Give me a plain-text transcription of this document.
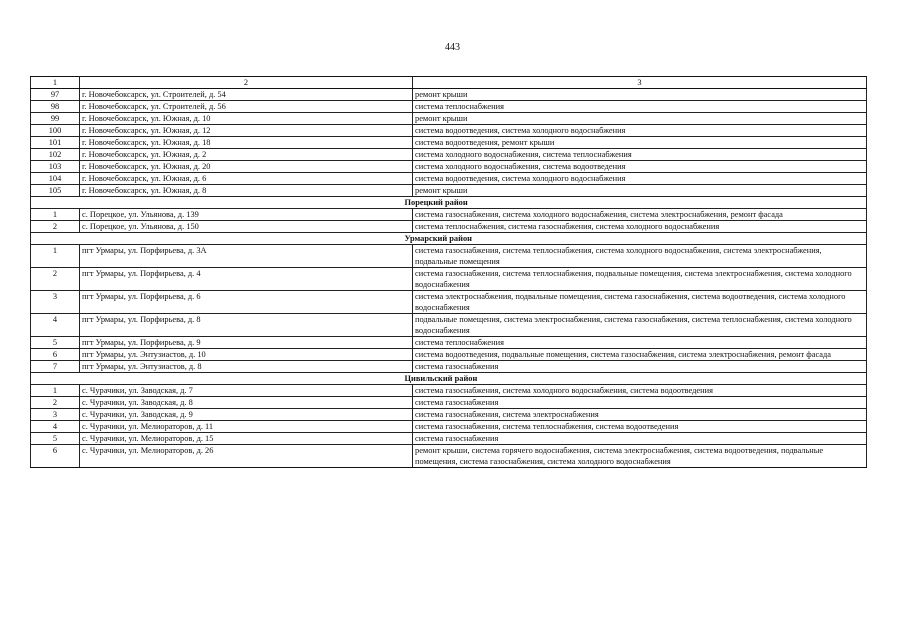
443
1	2	3
97	г. Новочебоксарск, ул. Строителей, д. 54	ремонт крыши
98	г. Новочебоксарск, ул. Строителей, д. 56	система теплоснабжения
99	г. Новочебоксарск, ул. Южная, д. 10	ремонт крыши
100	г. Новочебоксарск, ул. Южная, д. 12	система водоотведения, система холодного водоснабжения
101	г. Новочебоксарск, ул. Южная, д. 18	система водоотведения, ремонт крыши
102	г. Новочебоксарск, ул. Южная, д. 2	система холодного водоснабжения, система теплоснабжения
103	г. Новочебоксарск, ул. Южная, д. 20	система холодного водоснабжения, система водоотведения
104	г. Новочебоксарск, ул. Южная, д. 6	система водоотведения, система холодного водоснабжения
105	г. Новочебоксарск, ул. Южная, д. 8	ремонт крыши
	Порецкий район	
1	с. Порецкое, ул. Ульянова, д. 139	система газоснабжения, система холодного водоснабжения, система электроснабжения, ремонт фасада
2	с. Порецкое, ул. Ульянова, д. 150	система теплоснабжения, система газоснабжения, система холодного водоснабжения
	Урмарский район	
1	пгт Урмары, ул. Порфирьева, д. 3А	система газоснабжения, система теплоснабжения, система холодного водоснабжения, система электроснабжения, подвальные помещения
2	пгт Урмары, ул. Порфирьева, д. 4	система газоснабжения, система теплоснабжения, подвальные помещения, система электроснабжения, система холодного водоснабжения
3	пгт Урмары, ул. Порфирьева, д. 6	система электроснабжения, подвальные помещения, система газоснабжения, система водоотведения, система холодного водоснабжения
4	пгт Урмары, ул. Порфирьева, д. 8	подвальные помещения, система электроснабжения, система газоснабжения, система теплоснабжения, система холодного водоснабжения
5	пгт Урмары, ул. Порфирьева, д. 9	система теплоснабжения
6	пгт Урмары, ул. Энтузиастов, д. 10	система водоотведения, подвальные помещения, система газоснабжения, система электроснабжения, ремонт фасада
7	пгт Урмары, ул. Энтузиастов, д. 8	система газоснабжения
	Цивильский район	
1	с. Чурачики, ул. Заводская, д. 7	система газоснабжения, система холодного водоснабжения, система водоотведения
2	с. Чурачики, ул. Заводская, д. 8	система газоснабжения
3	с. Чурачики, ул. Заводская, д. 9	система газоснабжения, система электроснабжения
4	с. Чурачики, ул. Мелиораторов, д. 11	система газоснабжения, система теплоснабжения, система водоотведения
5	с. Чурачики, ул. Мелиораторов, д. 15	система газоснабжения
6	с. Чурачики, ул. Мелиораторов, д. 26	ремонт крыши, система горячего водоснабжения, система электроснабжения, система водоотведения, подвальные помещения, система газоснабжения, система холодного водоснабжения
